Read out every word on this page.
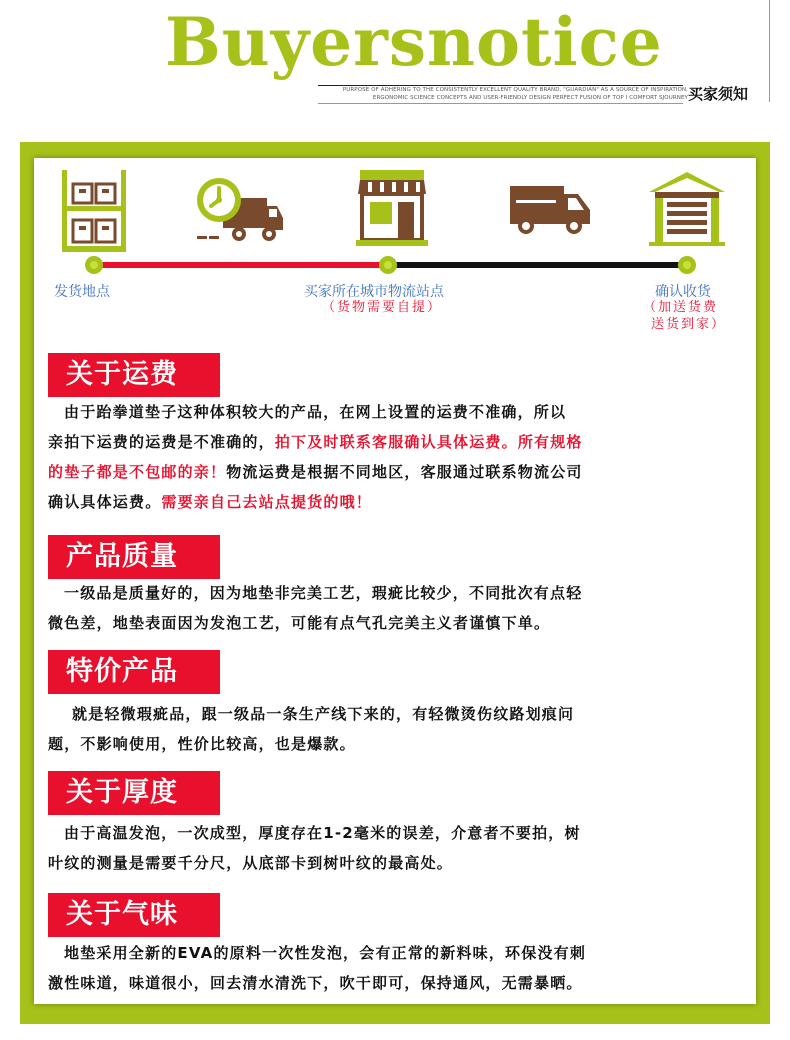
Buyersnotice
PURPOSE OF ADHERING TO THE CONSISTENTLY EXCELLENT QUALITY BRAND, "GUARDIAN" AS A SOURCE OF INSPIRATION,
ERGONOMIC SCIENCE CONCEPTS AND USER-FRIENDLY DESIGN PERFECT FUSION OF TOP I COMFORT SJOURNEY 买家须知
发货地点	买家所在城市物流站点
（货物需要自提）
确认收货
（加送货费
送货到家）
关于运费
由于跆拳道垫子这种体积较大的产品，在网上设置的运费不准确，所以
亲拍下运费的运费是不准确的，拍下及时联系客服确认具体运费。所有规格
的垫子都是不包邮的亲！物流运费是根据不同地区，客服通过联系物流公司
确认具体运费。需要亲自己去站点提货的哦！
产品质量
一级品是质量好的，因为地垫非完美工艺，瑕疵比较少，不同批次有点轻
微色差，地垫表面因为发泡工艺，可能有点气孔完美主义者谨慎下单。
特价产品
就是轻微瑕疵品，跟一级品一条生产线下来的，有轻微烫伤纹路划痕问
题，不影响使用，性价比较高，也是爆款。
关于厚度
由于高温发泡，一次成型，厚度存在1-2毫米的误差，介意者不要拍，树
叶纹的测量是需要千分尺，从底部卡到树叶纹的最高处。
关于气味
地垫采用全新的EVA的原料一次性发泡，会有正常的新料味，环保没有刺
激性味道，味道很小，回去清水清洗下，吹干即可，保持通风，无需暴晒。
